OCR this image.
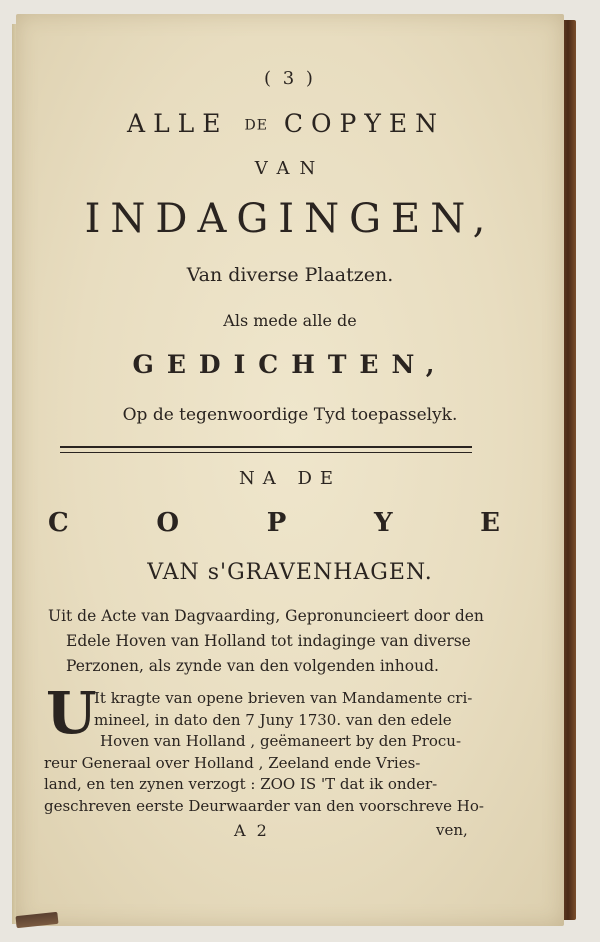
( 3 )

ALLE DE COPYEN

VAN

INDAGINGEN,

Van diverse Plaatzen.

Als mede alle de

GEDICHTEN,

Op de tegenwoordige Tyd toepasselyk.

NA DE

C	O	P	Y	E

VAN s'GRAVENHAGEN.

Uit de Acte van Dagvaarding, Gepronuncieert door den
Edele Hoven van Holland tot indaginge van diverse
Perzonen, als zynde van den volgenden inhoud.
U
It kragte van opene brieven van Mandamente cri-
mineel, in dato den 7 Juny 1730. van den edele
Hoven van Holland , geëmaneert by den Procu-
reur Generaal over Holland , Zeeland ende Vries-
land, en ten zynen verzogt : ZOO IS 'T dat ik onder-
geschreven eerste Deurwaarder van den voorschreve Ho-

A 2	ven,
